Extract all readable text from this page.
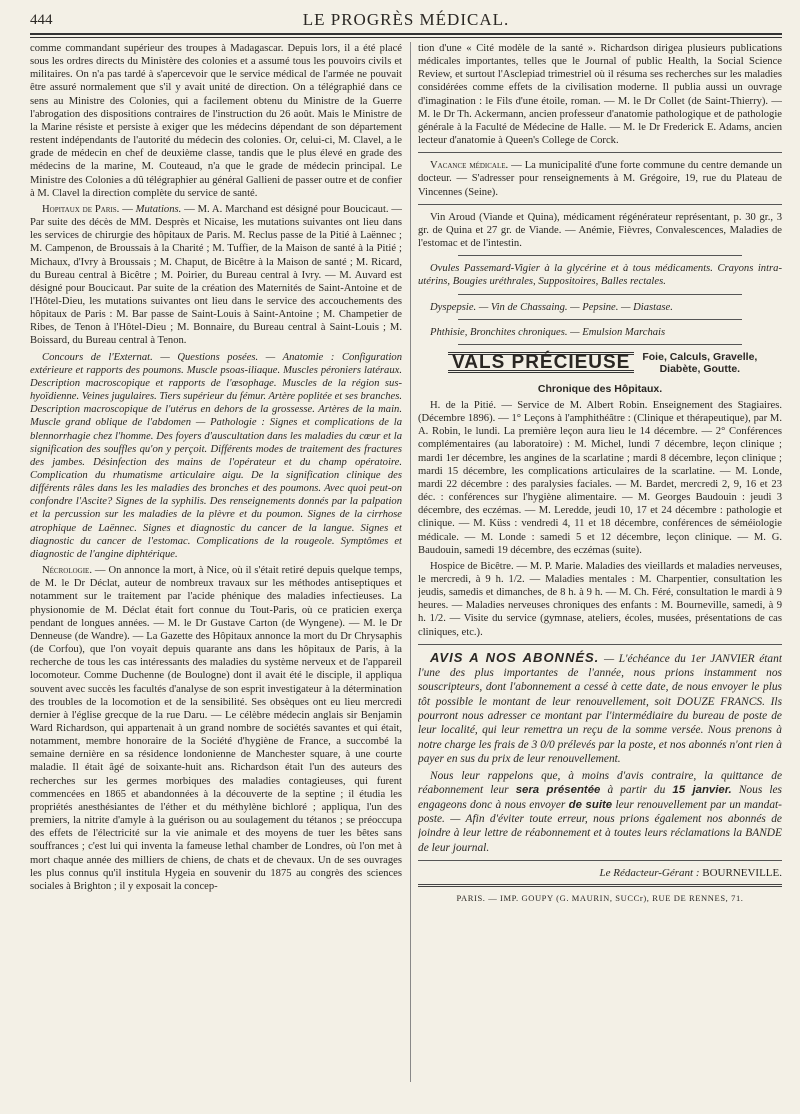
444	LE PROGRÈS MÉDICAL.

comme commandant supérieur des troupes à Madagascar. Depuis lors, il a été placé sous les ordres directs du Ministère des colonies et a assumé tous les pouvoirs civils et militaires. On n'a pas tardé à s'apercevoir que le service médical de l'armée ne pouvait être assuré normalement que s'il y avait unité de direction. On a télégraphié dans ce sens au Ministre des Colonies, qui a facilement obtenu du Ministre de la Guerre l'abrogation des dispositions contraires de l'instruction du 26 août. Mais le Ministre de la Marine résiste et persiste à exiger que les médecins dépendant de son département restent indépendants de l'autorité du médecin des colonies. Or, celui-ci, M. Clavel, a le grade de médecin en chef de deuxième classe, tandis que le plus élevé en grade des médecins de la marine, M. Couteaud, n'a que le grade de médecin principal. Le Ministre des Colonies a dû télégraphier au général Gallieni de passer outre et de confier à M. Clavel la direction complète du service de santé.

Hopitaux de Paris. — Mutations. — M. A. Marchand est désigné pour Boucicaut. — Par suite des décès de MM. Desprès et Nicaise, les mutations suivantes ont lieu dans les services de chirurgie des hôpitaux de Paris. M. Reclus passe de la Pitié à Laënnec ; M. Campenon, de Broussais à la Charité ; M. Tuffier, de la Maison de santé à la Pitié ; Michaux, d'Ivry à Broussais ; M. Chaput, de Bicêtre à la Maison de santé ; M. Ricard, du Bureau central à Bicêtre ; M. Poirier, du Bureau central à Ivry. — M. Auvard est désigné pour Boucicaut. Par suite de la création des Maternités de Saint-Antoine et de l'Hôtel-Dieu, les mutations suivantes ont lieu dans le service des accouchements des hôpitaux de Paris : M. Bar passe de Saint-Louis à Saint-Antoine ; M. Champetier de Ribes, de Tenon à l'Hôtel-Dieu ; M. Bonnaire, du Bureau central à Saint-Louis ; M. Boissard, du Bureau central à Tenon.

Concours de l'Externat. — Questions posées. — Anatomie : Configuration extérieure et rapports des poumons. Muscle psoas-iliaque. Muscles péroniers latéraux. Description macroscopique et rapports de l'œsophage. Muscles de la région sus-hyoïdienne. Veines jugulaires. Tiers supérieur du fémur. Artère poplitée et ses branches. Description macroscopique de l'utérus en dehors de la grossesse. Artères de la main. Muscle grand oblique de l'abdomen — Pathologie : Signes et complications de la blennorrhagie chez l'homme. Des foyers d'auscultation dans les maladies du cœur et la signification des souffles qu'on y perçoit. Différents modes de traitement des fractures des jambes. Désinfection des mains de l'opérateur et du champ opératoire. Complication du rhumatisme articulaire aigu. De la signification clinique des différents râles dans les les maladies des bronches et des poumons. Avec quoi peut-on confondre l'Ascite? Signes de la syphilis. Des renseignements donnés par la palpation et la percussion sur les maladies de la plèvre et du poumon. Signes de la cirrhose atrophique de Laënnec. Signes et diagnostic du cancer de la langue. Signes et diagnostic du cancer de l'estomac. Complications de la rougeole. Symptômes et diagnostic de l'angine diphtérique.

Nécrologie. — On annonce la mort, à Nice, où il s'était retiré depuis quelque temps, de M. le Dr Déclat, auteur de nombreux travaux sur les méthodes antiseptiques et notamment sur le traitement par l'acide phénique des maladies infectieuses. La physionomie de M. Déclat était fort connue du Tout-Paris, où ce praticien exerça pendant de longues années. — M. le Dr Gustave Carton (de Wyngene). — M. le Dr Denneuse (de Wandre). — La Gazette des Hôpitaux annonce la mort du Dr Chrysaphis (de Corfou), que l'on voyait depuis quarante ans dans les hôpitaux de Paris, à la recherche de tous les cas intéressants des maladies du système nerveux et de l'appareil locomoteur. Comme Duchenne (de Boulogne) dont il avait été le disciple, il appliqua souvent avec succès les facultés d'analyse de son esprit investigateur à la détermination des troubles de la locomotion et de la sensibilité. Ses obsèques ont eu lieu mercredi dernier à l'église grecque de la rue Daru. — Le célèbre médecin anglais sir Benjamin Ward Richardson, qui appartenait à un grand nombre de sociétés savantes et qui était, notamment, membre honoraire de la Société d'hygiène de France, a succombé la semaine dernière en sa résidence londonienne de Manchester square, à une courte maladie. Il était âgé de soixante-huit ans. Richardson était l'un des auteurs des recherches sur les germes morbiques des maladies contagieuses, qui furent commencées en 1865 et abandonnées à la découverte de la septine ; il étudia les propriétés anesthésiantes de l'éther et du méthylène bichloré ; appliqua, l'un des premiers, la nitrite d'amyle à la guérison ou au soulagement du tétanos ; se préoccupa des effets de l'électricité sur la vie animale et des moyens de tuer les bêtes sans souffrances ; c'est lui qui inventa la fameuse lethal chamber de Londres, où l'on met à mort chaque année des milliers de chiens, de chats et de chevaux. Un de ses ouvrages les plus connus qu'il institula Hygeia en souvenir du 1875 au congrès des sciences sociales à Brighton ; il y exposait la concep-

tion d'une « Cité modèle de la santé ». Richardson dirigea plusieurs publications médicales importantes, telles que le Journal of public Health, la Social Science Review, et surtout l'Asclepiad trimestriel où il résuma ses recherches sur les maladies considérées comme effets de la civilisation moderne. Il publia aussi un ouvrage d'imagination : le Fils d'une étoile, roman. — M. le Dr Collet (de Saint-Thierry). — M. le Dr Th. Ackermann, ancien professeur d'anatomie pathologique et de pathologie générale à la Faculté de Médecine de Halle. — M. le Dr Frederick E. Adams, ancien lecteur d'anatomie à Queen's College de Corck.

Vacance médicale. — La municipalité d'une forte commune du centre demande un docteur. — S'adresser pour renseignements à M. Grégoire, 19, rue du Plateau de Vincennes (Seine).

Vin Aroud (Viande et Quina), médicament régénérateur représentant, p. 30 gr., 3 gr. de Quina et 27 gr. de Viande. — Anémie, Fièvres, Convalescences, Maladies de l'estomac et de l'intestin.

Ovules Passemard-Vigier à la glycérine et à tous médicaments. Crayons intra-utérins, Bougies uréthrales, Suppositoires, Balles rectales.

Dyspepsie. — Vin de Chassaing. — Pepsine. — Diastase.

Phthisie, Bronchites chroniques. — Emulsion Marchais

VALS PRÉCIEUSE	Foie, Calculs, Gravelle,
Diabète, Goutte.
Chronique des Hôpitaux.

H. de la Pitié. — Service de M. Albert Robin. Enseignement des Stagiaires. (Décembre 1896). — 1° Leçons à l'amphithéâtre : (Clinique et thérapeutique), par M. A. Robin, le lundi. La première leçon aura lieu le 14 décembre. — 2° Conférences complémentaires (au laboratoire) : M. Michel, lundi 7 décembre, leçon clinique ; mardi 1er décembre, les angines de la scarlatine ; mardi 8 décembre, leçon clinique ; mardi 15 décembre, les complications articulaires de la scarlatine. — M. Londe, mardi 22 décembre : des paralysies faciales. — M. Bardet, mercredi 2, 9, 16 et 23 déc. : conférences sur l'hygiène alimentaire. — M. Georges Baudouin : jeudi 3 décembre, des eczémas. — M. Leredde, jeudi 10, 17 et 24 décembre : pathologie et clinique. — M. Küss : vendredi 4, 11 et 18 décembre, conférences de séméiologie médicale. — M. Londe : samedi 5 et 12 décembre, leçon clinique. — M. G. Baudouin, samedi 19 décembre, des eczémas (suite).

Hospice de Bicêtre. — M. P. Marie. Maladies des vieillards et maladies nerveuses, le mercredi, à 9 h. 1/2. — Maladies mentales : M. Charpentier, consultation les jeudis, samedis et dimanches, de 8 h. à 9 h. — M. Ch. Féré, consultation le mardi à 9 heures. — Maladies nerveuses chroniques des enfants : M. Bourneville, samedi, à 9 h. 1/2. — Visite du service (gymnase, ateliers, écoles, musées, présentations de cas cliniques, etc.).

AVIS A NOS ABONNÉS. — L'échéance du 1er JANVIER étant l'une des plus importantes de l'année, nous prions instamment nos souscripteurs, dont l'abonnement a cessé à cette date, de nous envoyer le plus tôt possible le montant de leur renouvellement, soit DOUZE FRANCS. Ils pourront nous adresser ce montant par l'intermédiaire du bureau de poste de leur localité, qui leur remettra un reçu de la somme versée. Nous prenons à notre charge les frais de 3 0/0 prélevés par la poste, et nos abonnés n'ont rien à payer en sus du prix de leur renouvellement.

Nous leur rappelons que, à moins d'avis contraire, la quittance de réabonnement leur sera présentée à partir du 15 janvier. Nous les engageons donc à nous envoyer de suite leur renouvellement par un mandat-poste. — Afin d'éviter toute erreur, nous prions également nos abonnés de joindre à leur lettre de réabonnement et à toutes leurs réclamations la BANDE de leur journal.

Le Rédacteur-Gérant : BOURNEVILLE.
PARIS. — IMP. GOUPY (G. MAURIN, SUCCr), RUE DE RENNES, 71.
